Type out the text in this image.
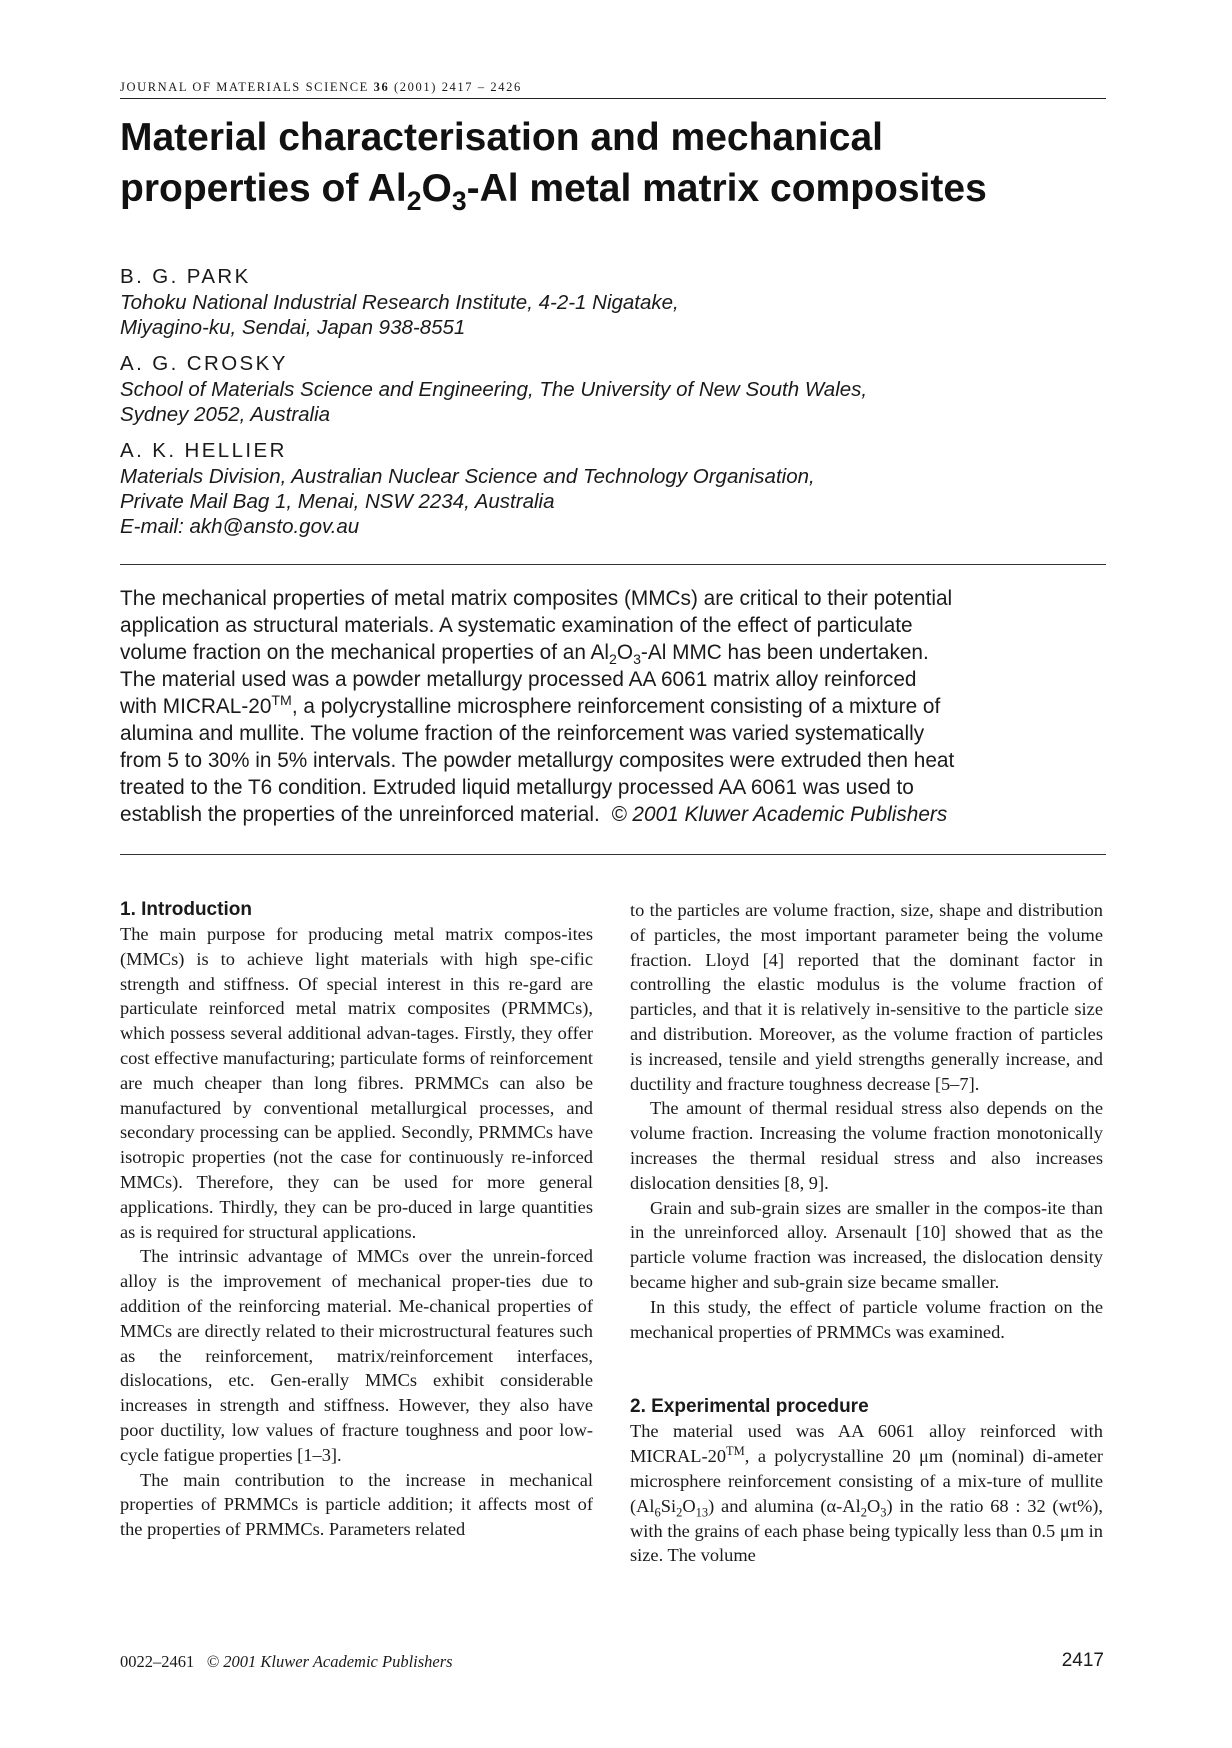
JOURNAL OF MATERIALS SCIENCE 36 (2001) 2417 – 2426
Material characterisation and mechanical
properties of $Al_2O_3-Al$ metal matrix composites
B. G. PARK
Tohoku National Industrial Research Institute, 4-2-1 Nigatake,
Miyagino-ku, Sendai, Japan 938-8551
A. G. CROSKY
School of Materials Science and Engineering, The University of New South Wales,
Sydney 2052, Australia
A. K. HELLIER
Materials Division, Australian Nuclear Science and Technology Organisation,
Private Mail Bag 1, Menai, NSW 2234, Australia
E-mail: akh@ansto.gov.au
The mechanical properties of metal matrix composites (MMCs) are critical to their potential
application as structural materials. A systematic examination of the effect of particulate
volume fraction on the mechanical properties of an $Al_2O_3-Al$ MMC has been undertaken.
The material used was a powder metallurgy processed AA 6061 matrix alloy reinforced
with MICRAL-20™, a polycrystalline microsphere reinforcement consisting of a mixture of
alumina and mullite. The volume fraction of the reinforcement was varied systematically
from 5 to 30% in 5% intervals. The powder metallurgy composites were extruded then heat
treated to the T6 condition. Extruded liquid metallurgy processed AA 6061 was used to
establish the properties of the unreinforced material. © 2001 Kluwer Academic Publishers
1. Introduction

The main purpose for producing metal matrix compos-ites (MMCs) is to achieve light materials with high spe-cific strength and stiffness. Of special interest in this re-gard are particulate reinforced metal matrix composites (PRMMCs), which possess several additional advan-tages. Firstly, they offer cost effective manufacturing; particulate forms of reinforcement are much cheaper than long fibres. PRMMCs can also be manufactured by conventional metallurgical processes, and secondary processing can be applied. Secondly, PRMMCs have isotropic properties (not the case for continuously re-inforced MMCs). Therefore, they can be used for more general applications. Thirdly, they can be pro-duced in large quantities as is required for structural applications.

The intrinsic advantage of MMCs over the unrein-forced alloy is the improvement of mechanical proper-ties due to addition of the reinforcing material. Me-chanical properties of MMCs are directly related to their microstructural features such as the reinforcement, matrix/reinforcement interfaces, dislocations, etc. Gen-erally MMCs exhibit considerable increases in strength and stiffness. However, they also have poor ductility, low values of fracture toughness and poor low-cycle fatigue properties [1–3].

The main contribution to the increase in mechanical properties of PRMMCs is particle addition; it affects most of the properties of PRMMCs. Parameters related

to the particles are volume fraction, size, shape and distribution of particles, the most important parameter being the volume fraction. Lloyd [4] reported that the dominant factor in controlling the elastic modulus is the volume fraction of particles, and that it is relatively in-sensitive to the particle size and distribution. Moreover, as the volume fraction of particles is increased, tensile and yield strengths generally increase, and ductility and fracture toughness decrease [5–7].

The amount of thermal residual stress also depends on the volume fraction. Increasing the volume fraction monotonically increases the thermal residual stress and also increases dislocation densities [8, 9].

Grain and sub-grain sizes are smaller in the compos-ite than in the unreinforced alloy. Arsenault [10] showed that as the particle volume fraction was increased, the dislocation density became higher and sub-grain size became smaller.

In this study, the effect of particle volume fraction on the mechanical properties of PRMMCs was examined.

2. Experimental procedure

The material used was AA 6061 alloy reinforced with MICRAL-20™, a polycrystalline 20 μm (nominal) di-ameter microsphere reinforcement consisting of a mix-ture of mullite $(Al_6Si_2O_{13})$ and alumina $(\alpha-Al_2O_3)$ in the ratio 68 : 32 (wt%), with the grains of each phase being typically less than 0.5 μm in size. The volume

0022–2461 © 2001 Kluwer Academic Publishers	2417
